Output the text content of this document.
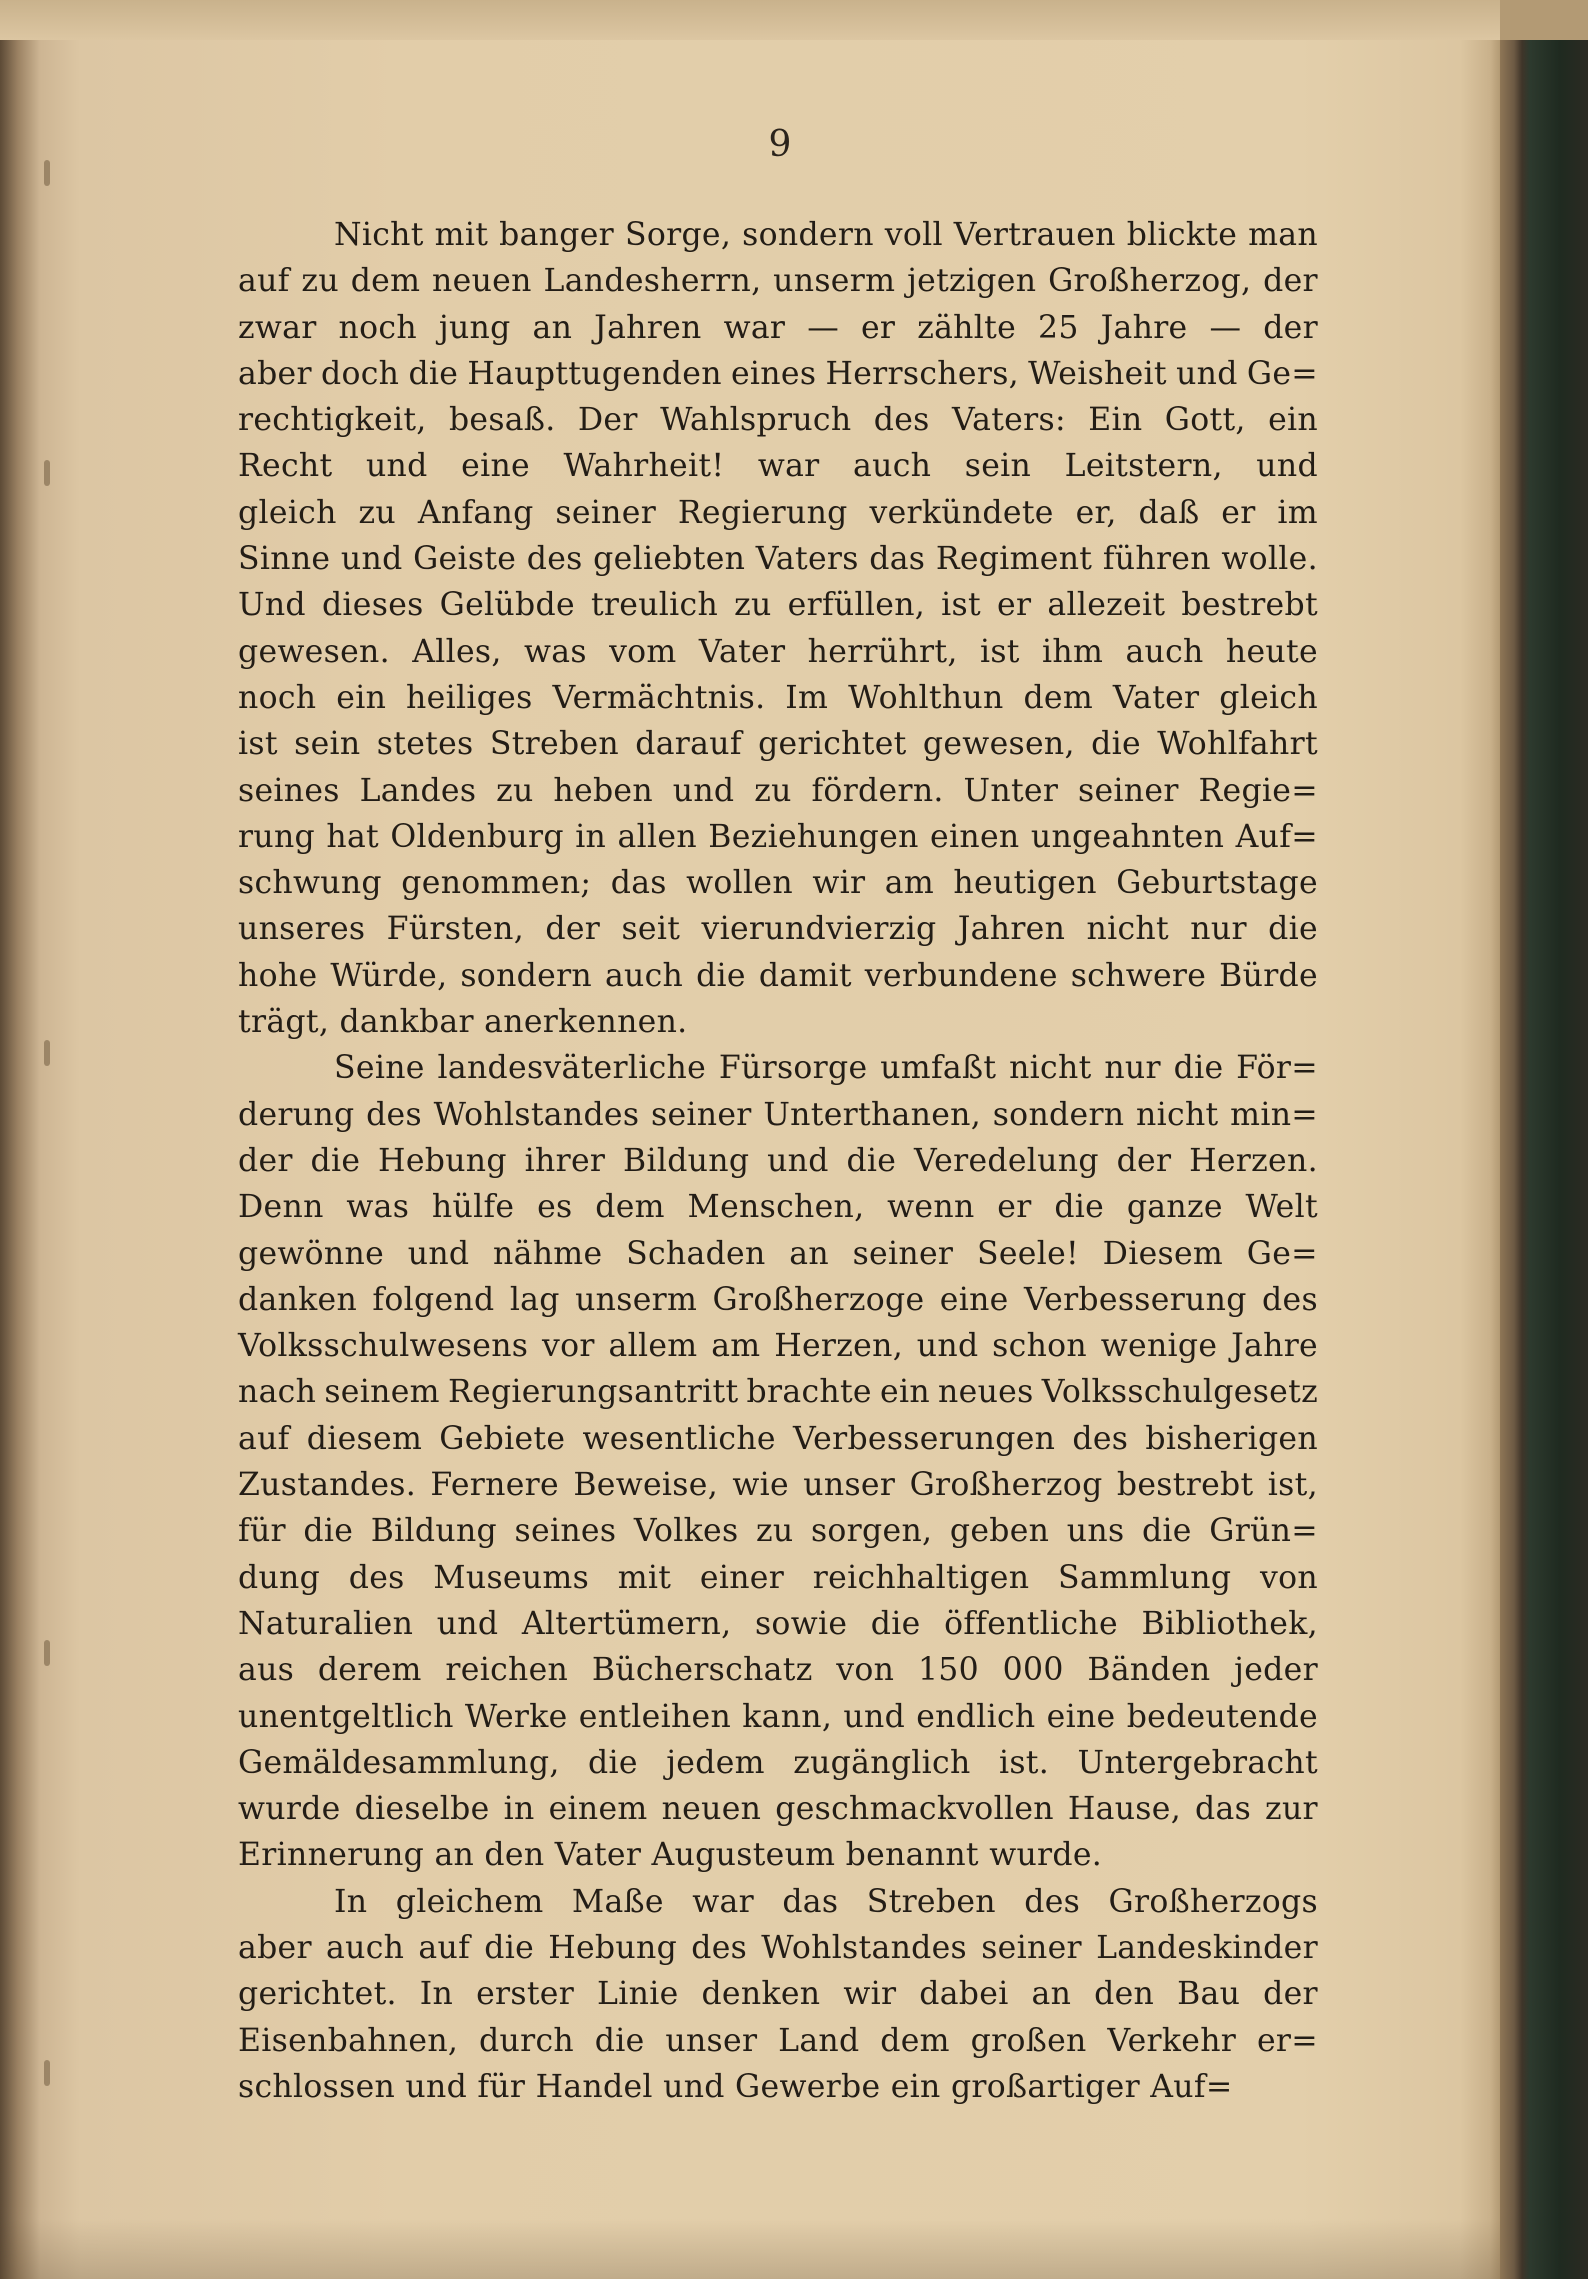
9
Nicht mit banger Sorge, sondern voll Vertrauen blickte man
auf zu dem neuen Landesherrn, unserm jetzigen Großherzog, der
zwar noch jung an Jahren war — er zählte 25 Jahre — der
aber doch die Haupttugenden eines Herrschers, Weisheit und Ge=
rechtigkeit, besaß. Der Wahlspruch des Vaters: Ein Gott, ein
Recht und eine Wahrheit! war auch sein Leitstern, und
gleich zu Anfang seiner Regierung verkündete er, daß er im
Sinne und Geiste des geliebten Vaters das Regiment führen wolle.
Und dieses Gelübde treulich zu erfüllen, ist er allezeit bestrebt
gewesen. Alles, was vom Vater herrührt, ist ihm auch heute
noch ein heiliges Vermächtnis. Im Wohlthun dem Vater gleich
ist sein stetes Streben darauf gerichtet gewesen, die Wohlfahrt
seines Landes zu heben und zu fördern. Unter seiner Regie=
rung hat Oldenburg in allen Beziehungen einen ungeahnten Auf=
schwung genommen; das wollen wir am heutigen Geburtstage
unseres Fürsten, der seit vierundvierzig Jahren nicht nur die
hohe Würde, sondern auch die damit verbundene schwere Bürde
trägt, dankbar anerkennen.
Seine landesväterliche Fürsorge umfaßt nicht nur die För=
derung des Wohlstandes seiner Unterthanen, sondern nicht min=
der die Hebung ihrer Bildung und die Veredelung der Herzen.
Denn was hülfe es dem Menschen, wenn er die ganze Welt
gewönne und nähme Schaden an seiner Seele! Diesem Ge=
danken folgend lag unserm Großherzoge eine Verbesserung des
Volksschulwesens vor allem am Herzen, und schon wenige Jahre
nach seinem Regierungsantritt brachte ein neues Volksschulgesetz
auf diesem Gebiete wesentliche Verbesserungen des bisherigen
Zustandes. Fernere Beweise, wie unser Großherzog bestrebt ist,
für die Bildung seines Volkes zu sorgen, geben uns die Grün=
dung des Museums mit einer reichhaltigen Sammlung von
Naturalien und Altertümern, sowie die öffentliche Bibliothek,
aus derem reichen Bücherschatz von 150 000 Bänden jeder
unentgeltlich Werke entleihen kann, und endlich eine bedeutende
Gemäldesammlung, die jedem zugänglich ist. Untergebracht
wurde dieselbe in einem neuen geschmackvollen Hause, das zur
Erinnerung an den Vater Augusteum benannt wurde.
In gleichem Maße war das Streben des Großherzogs
aber auch auf die Hebung des Wohlstandes seiner Landeskinder
gerichtet. In erster Linie denken wir dabei an den Bau der
Eisenbahnen, durch die unser Land dem großen Verkehr er=
schlossen und für Handel und Gewerbe ein großartiger Auf=
